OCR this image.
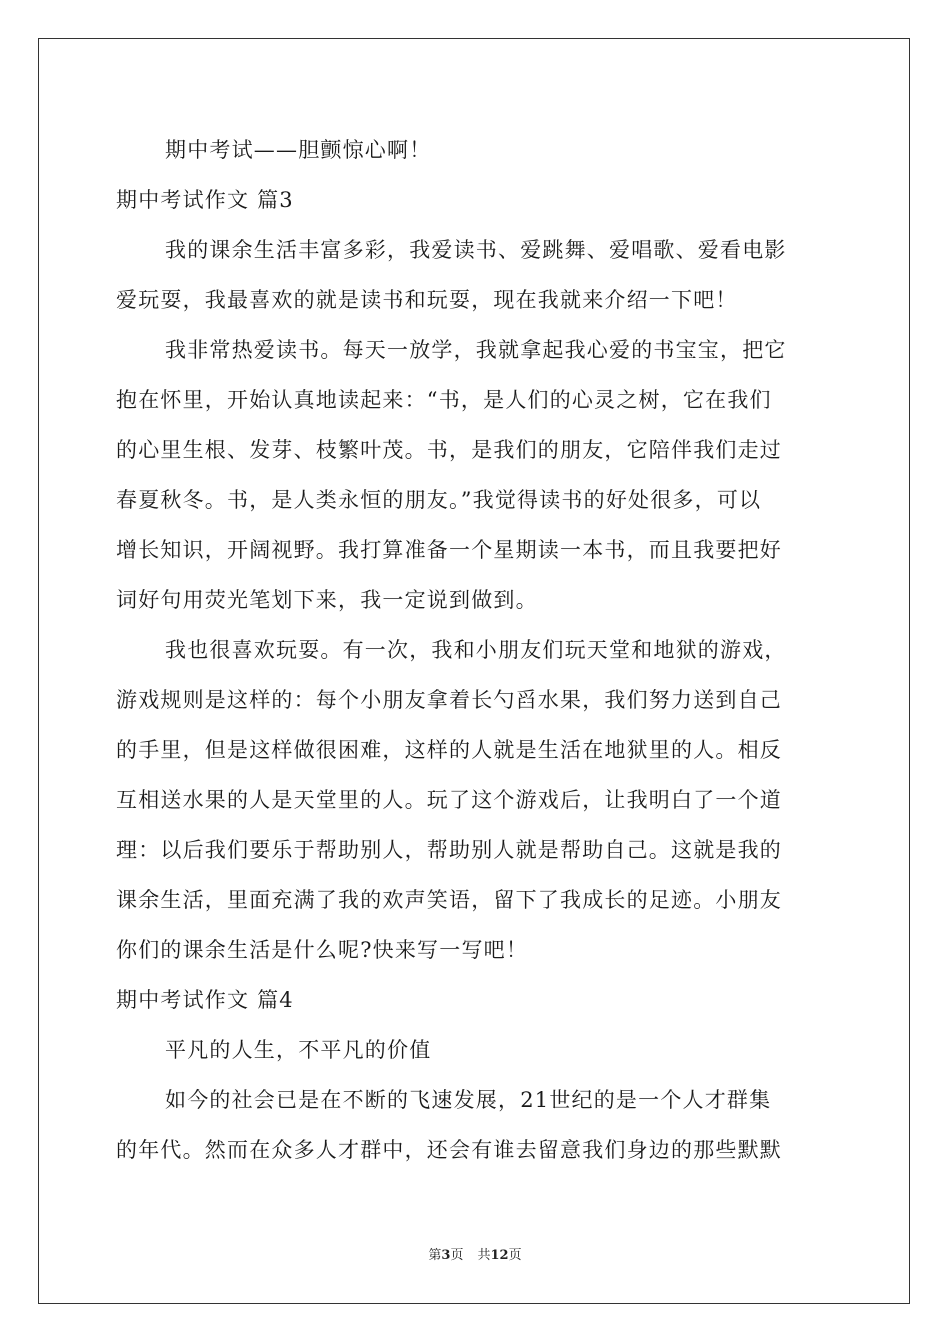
期中考试——胆颤惊心啊！
期中考试作文 篇3
我的课余生活丰富多彩，我爱读书、爱跳舞、爱唱歌、爱看电影
爱玩耍，我最喜欢的就是读书和玩耍，现在我就来介绍一下吧！
我非常热爱读书。每天一放学，我就拿起我心爱的书宝宝，把它
抱在怀里，开始认真地读起来：“书，是人们的心灵之树，它在我们
的心里生根、发芽、枝繁叶茂。书，是我们的朋友，它陪伴我们走过
春夏秋冬。书，是人类永恒的朋友。”我觉得读书的好处很多，可以
增长知识，开阔视野。我打算准备一个星期读一本书，而且我要把好
词好句用荧光笔划下来，我一定说到做到。
我也很喜欢玩耍。有一次，我和小朋友们玩天堂和地狱的游戏，
游戏规则是这样的：每个小朋友拿着长勺舀水果，我们努力送到自己
的手里，但是这样做很困难，这样的人就是生活在地狱里的人。相反
互相送水果的人是天堂里的人。玩了这个游戏后，让我明白了一个道
理：以后我们要乐于帮助别人，帮助别人就是帮助自己。这就是我的
课余生活，里面充满了我的欢声笑语，留下了我成长的足迹。小朋友
你们的课余生活是什么呢?快来写一写吧！
期中考试作文 篇4
平凡的人生，不平凡的价值
如今的社会已是在不断的飞速发展，21世纪的是一个人才群集
的年代。然而在众多人才群中，还会有谁去留意我们身边的那些默默
第3页 共12页
